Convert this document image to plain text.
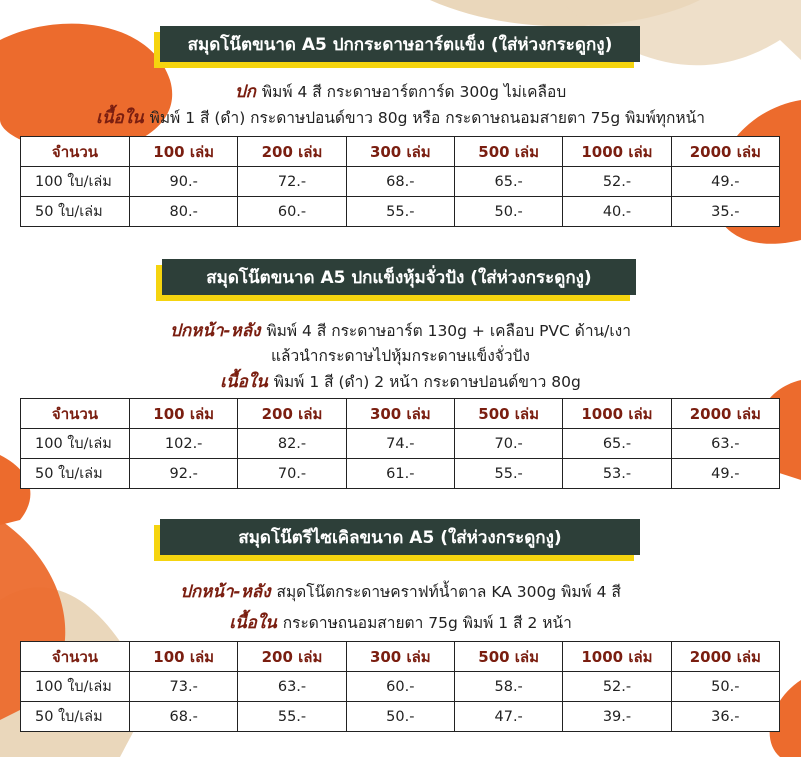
สมุดโน๊ตขนาด A5 ปกกระดาษอาร์ตแข็ง (ใส่ห่วงกระดูกงู)
ปก พิมพ์ 4 สี กระดาษอาร์ตการ์ด 300g ไม่เคลือบ
เนื้อใน พิมพ์ 1 สี (ดำ) กระดาษปอนด์ขาว 80g หรือ กระดาษถนอมสายตา 75g พิมพ์ทุกหน้า
จำนวน	100 เล่ม	200 เล่ม	300 เล่ม	500 เล่ม	1000 เล่ม	2000 เล่ม
100 ใบ/เล่ม	90.-	72.-	68.-	65.-	52.-	49.-
50 ใบ/เล่ม	80.-	60.-	55.-	50.-	40.-	35.-
สมุดโน๊ตขนาด A5 ปกแข็งหุ้มจั่วปัง (ใส่ห่วงกระดูกงู)
ปกหน้า-หลัง พิมพ์ 4 สี กระดาษอาร์ต 130g + เคลือบ PVC ด้าน/เงา
แล้วนำกระดาษไปหุ้มกระดาษแข็งจั่วปัง
เนื้อใน พิมพ์ 1 สี (ดำ) 2 หน้า กระดาษปอนด์ขาว 80g
จำนวน	100 เล่ม	200 เล่ม	300 เล่ม	500 เล่ม	1000 เล่ม	2000 เล่ม
100 ใบ/เล่ม	102.-	82.-	74.-	70.-	65.-	63.-
50 ใบ/เล่ม	92.-	70.-	61.-	55.-	53.-	49.-
สมุดโน๊ตรีไซเคิลขนาด A5 (ใส่ห่วงกระดูกงู)
ปกหน้า-หลัง สมุดโน๊ตกระดาษคราฟท์น้ำตาล KA 300g พิมพ์ 4 สี
เนื้อใน กระดาษถนอมสายตา 75g พิมพ์ 1 สี 2 หน้า
จำนวน	100 เล่ม	200 เล่ม	300 เล่ม	500 เล่ม	1000 เล่ม	2000 เล่ม
100 ใบ/เล่ม	73.-	63.-	60.-	58.-	52.-	50.-
50 ใบ/เล่ม	68.-	55.-	50.-	47.-	39.-	36.-
